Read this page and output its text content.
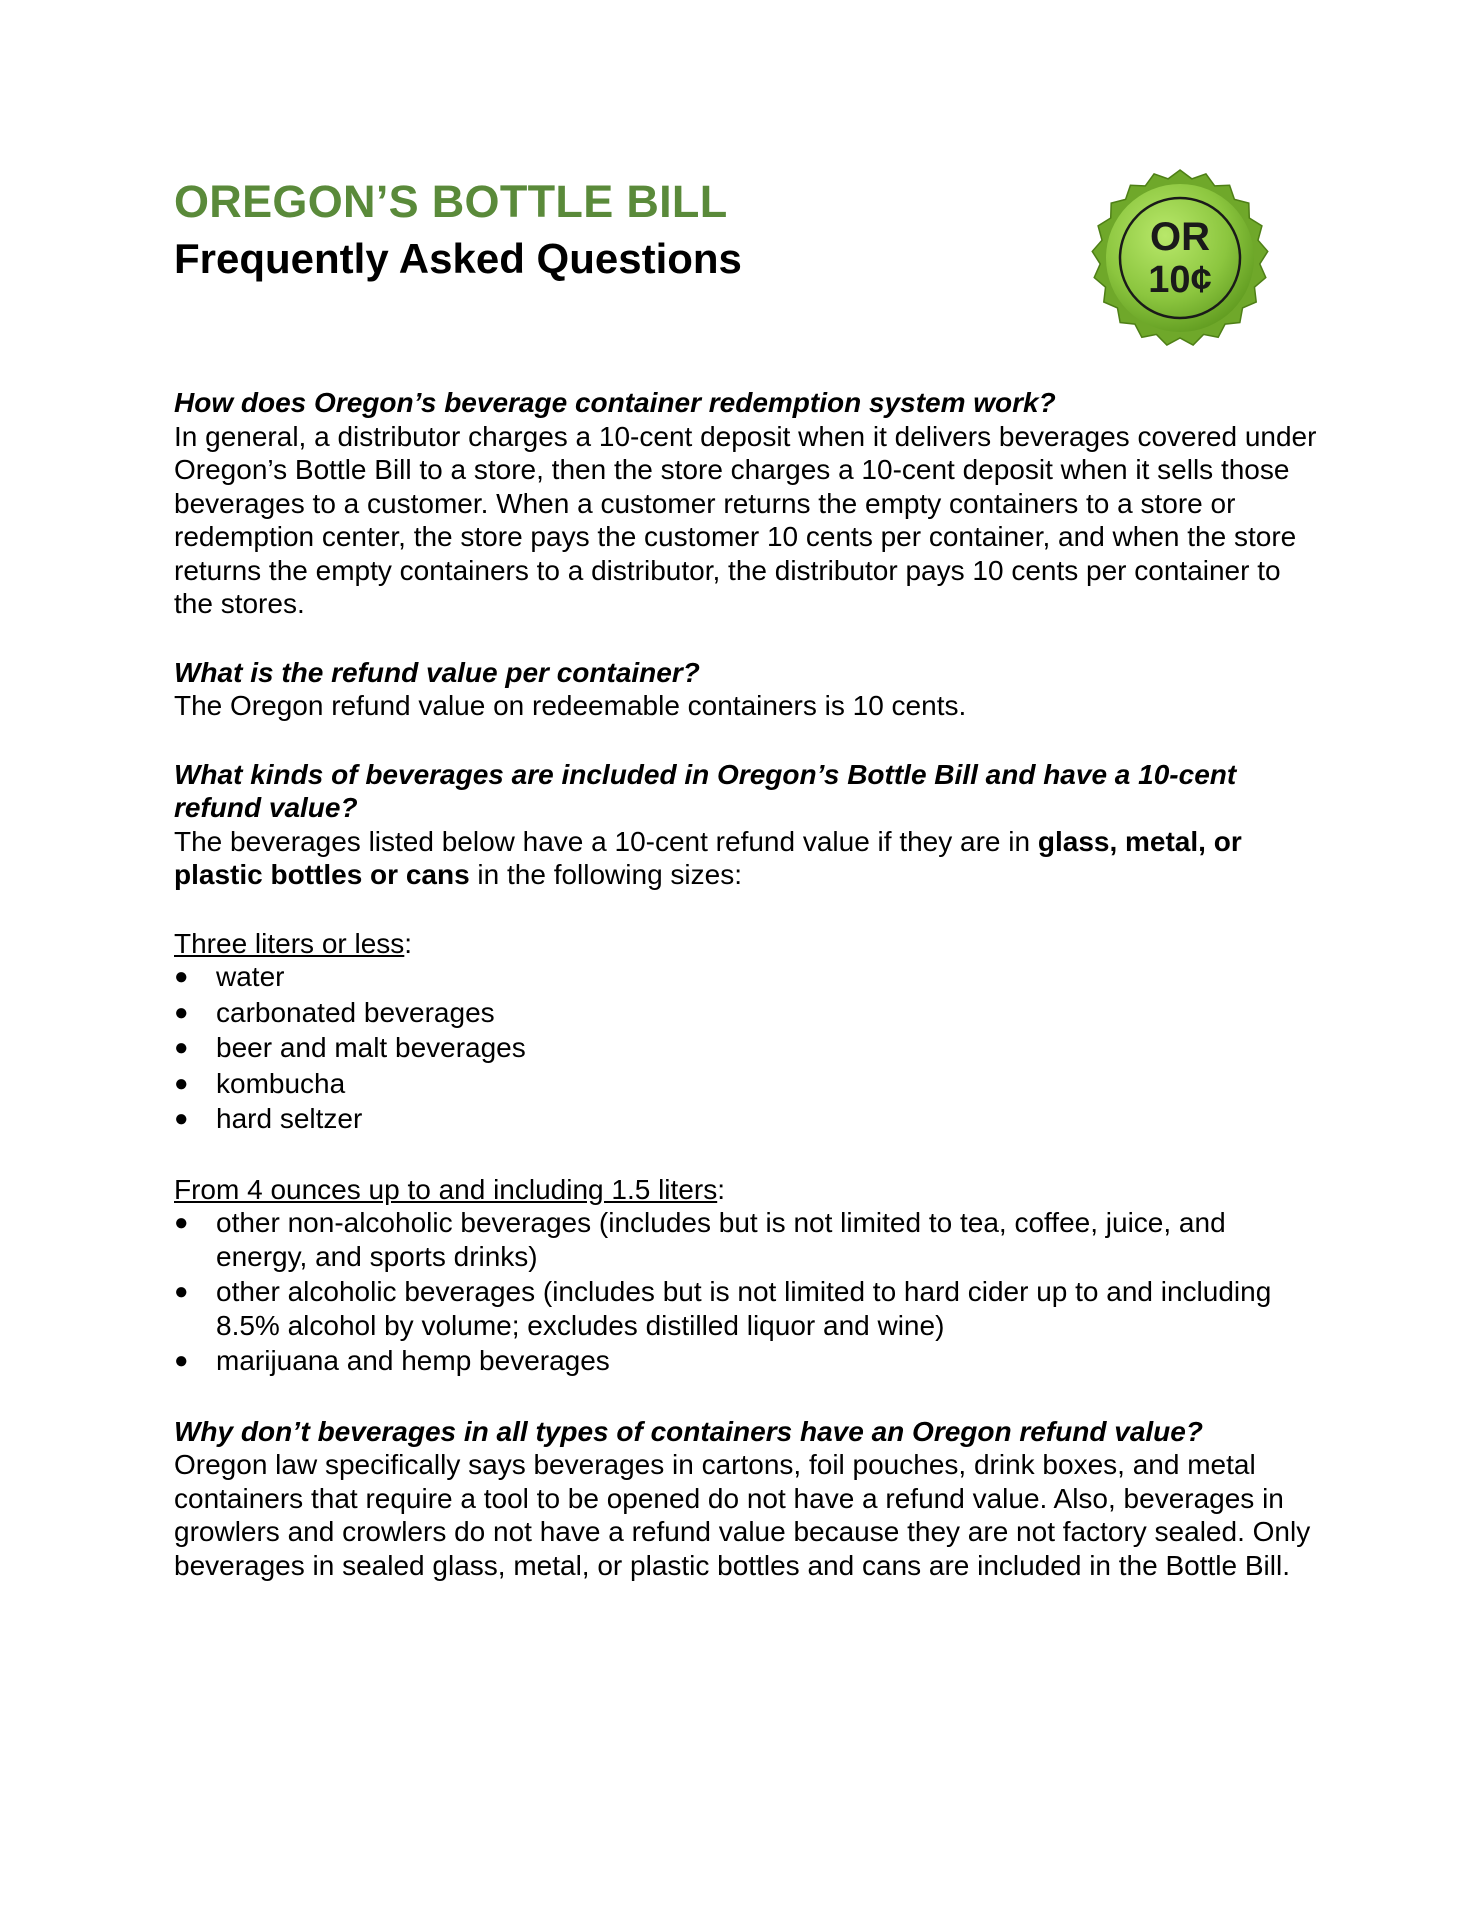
OREGON’S BOTTLE BILL
Frequently Asked Questions	OR
10¢

How does Oregon’s beverage container redemption system work?

In general, a distributor charges a 10-cent deposit when it delivers beverages covered under Oregon’s Bottle Bill to a store, then the store charges a 10-cent deposit when it sells those beverages to a customer. When a customer returns the empty containers to a store or redemption center, the store pays the customer 10 cents per container, and when the store returns the empty containers to a distributor, the distributor pays 10 cents per container to the stores.

What is the refund value per container?

The Oregon refund value on redeemable containers is 10 cents.

What kinds of beverages are included in Oregon’s Bottle Bill and have a 10-cent refund value?

The beverages listed below have a 10-cent refund value if they are in glass, metal, or plastic bottles or cans in the following sizes:

Three liters or less:

● water
● carbonated beverages
● beer and malt beverages
● kombucha
● hard seltzer

From 4 ounces up to and including 1.5 liters:

● other non-alcoholic beverages (includes but is not limited to tea, coffee, juice, and energy, and sports drinks)
● other alcoholic beverages (includes but is not limited to hard cider up to and including 8.5% alcohol by volume; excludes distilled liquor and wine)
● marijuana and hemp beverages

Why don’t beverages in all types of containers have an Oregon refund value?

Oregon law specifically says beverages in cartons, foil pouches, drink boxes, and metal containers that require a tool to be opened do not have a refund value. Also, beverages in growlers and crowlers do not have a refund value because they are not factory sealed. Only beverages in sealed glass, metal, or plastic bottles and cans are included in the Bottle Bill.
